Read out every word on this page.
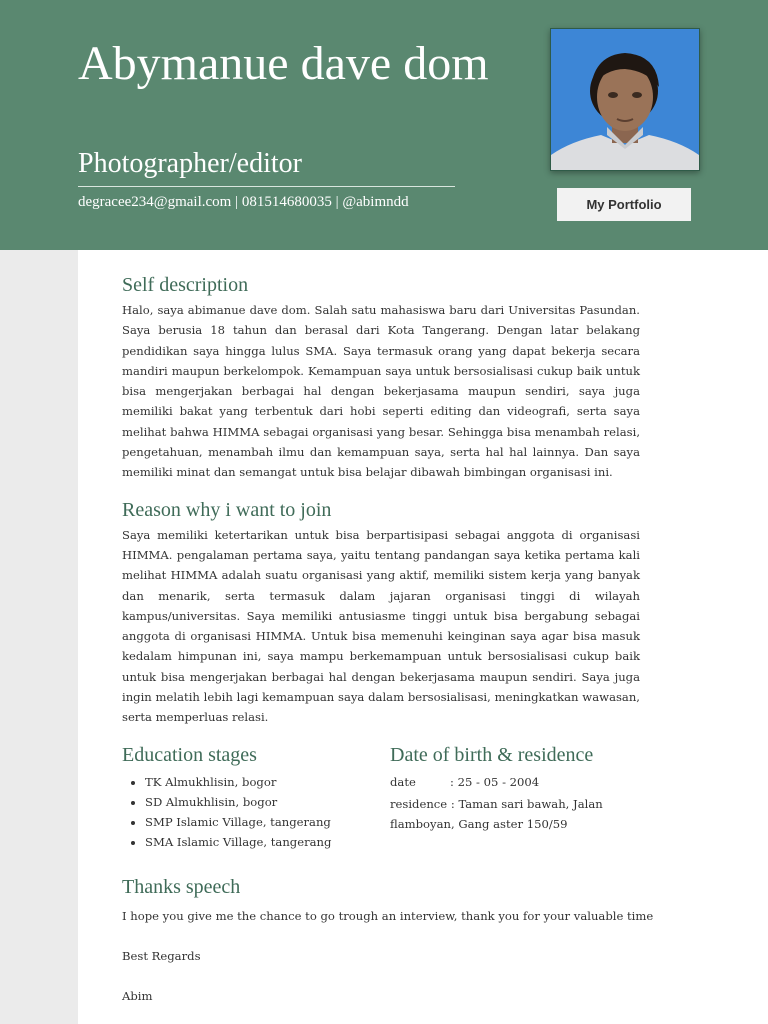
Abymanue dave dom
Photographer/editor
degracee234@gmail.com | 081514680035 | @abimndd	My Portfolio
Self description

Halo, saya abimanue dave dom. Salah satu mahasiswa baru dari Universitas Pasundan. Saya berusia 18 tahun dan berasal dari Kota Tangerang. Dengan latar belakang pendidikan saya hingga lulus SMA. Saya termasuk orang yang dapat bekerja secara mandiri maupun berkelompok. Kemampuan saya untuk bersosialisasi cukup baik untuk bisa mengerjakan berbagai hal dengan bekerjasama maupun sendiri, saya juga memiliki bakat yang terbentuk dari hobi seperti editing dan videografi, serta saya melihat bahwa HIMMA sebagai organisasi yang besar. Sehingga bisa menambah relasi, pengetahuan, menambah ilmu dan kemampuan saya, serta hal hal lainnya. Dan saya memiliki minat dan semangat untuk bisa belajar dibawah bimbingan organisasi ini.

Reason why i want to join

Saya memiliki ketertarikan untuk bisa berpartisipasi sebagai anggota di organisasi HIMMA. pengalaman pertama saya, yaitu tentang pandangan saya ketika pertama kali melihat HIMMA adalah suatu organisasi yang aktif, memiliki sistem kerja yang banyak dan menarik, serta termasuk dalam jajaran organisasi tinggi di wilayah kampus/universitas. Saya memiliki antusiasme tinggi untuk bisa bergabung sebagai anggota di organisasi HIMMA. Untuk bisa memenuhi keinginan saya agar bisa masuk kedalam himpunan ini, saya mampu berkemampuan untuk bersosialisasi cukup baik untuk bisa mengerjakan berbagai hal dengan bekerjasama maupun sendiri. Saya juga ingin melatih lebih lagi kemampuan saya dalam bersosialisasi, meningkatkan wawasan, serta memperluas relasi.

Education stages
• TK Almukhlisin, bogor
• SD Almukhlisin, bogor
• SMP Islamic Village, tangerang
• SMA Islamic Village, tangerang
Date of birth & residence
date	: 25 - 05 - 2004
residence : Taman sari bawah, Jalan flamboyan, Gang aster 150/59
Thanks speech

I hope you give me the chance to go trough an interview, thank you for your valuable time

Best Regards

Abim
